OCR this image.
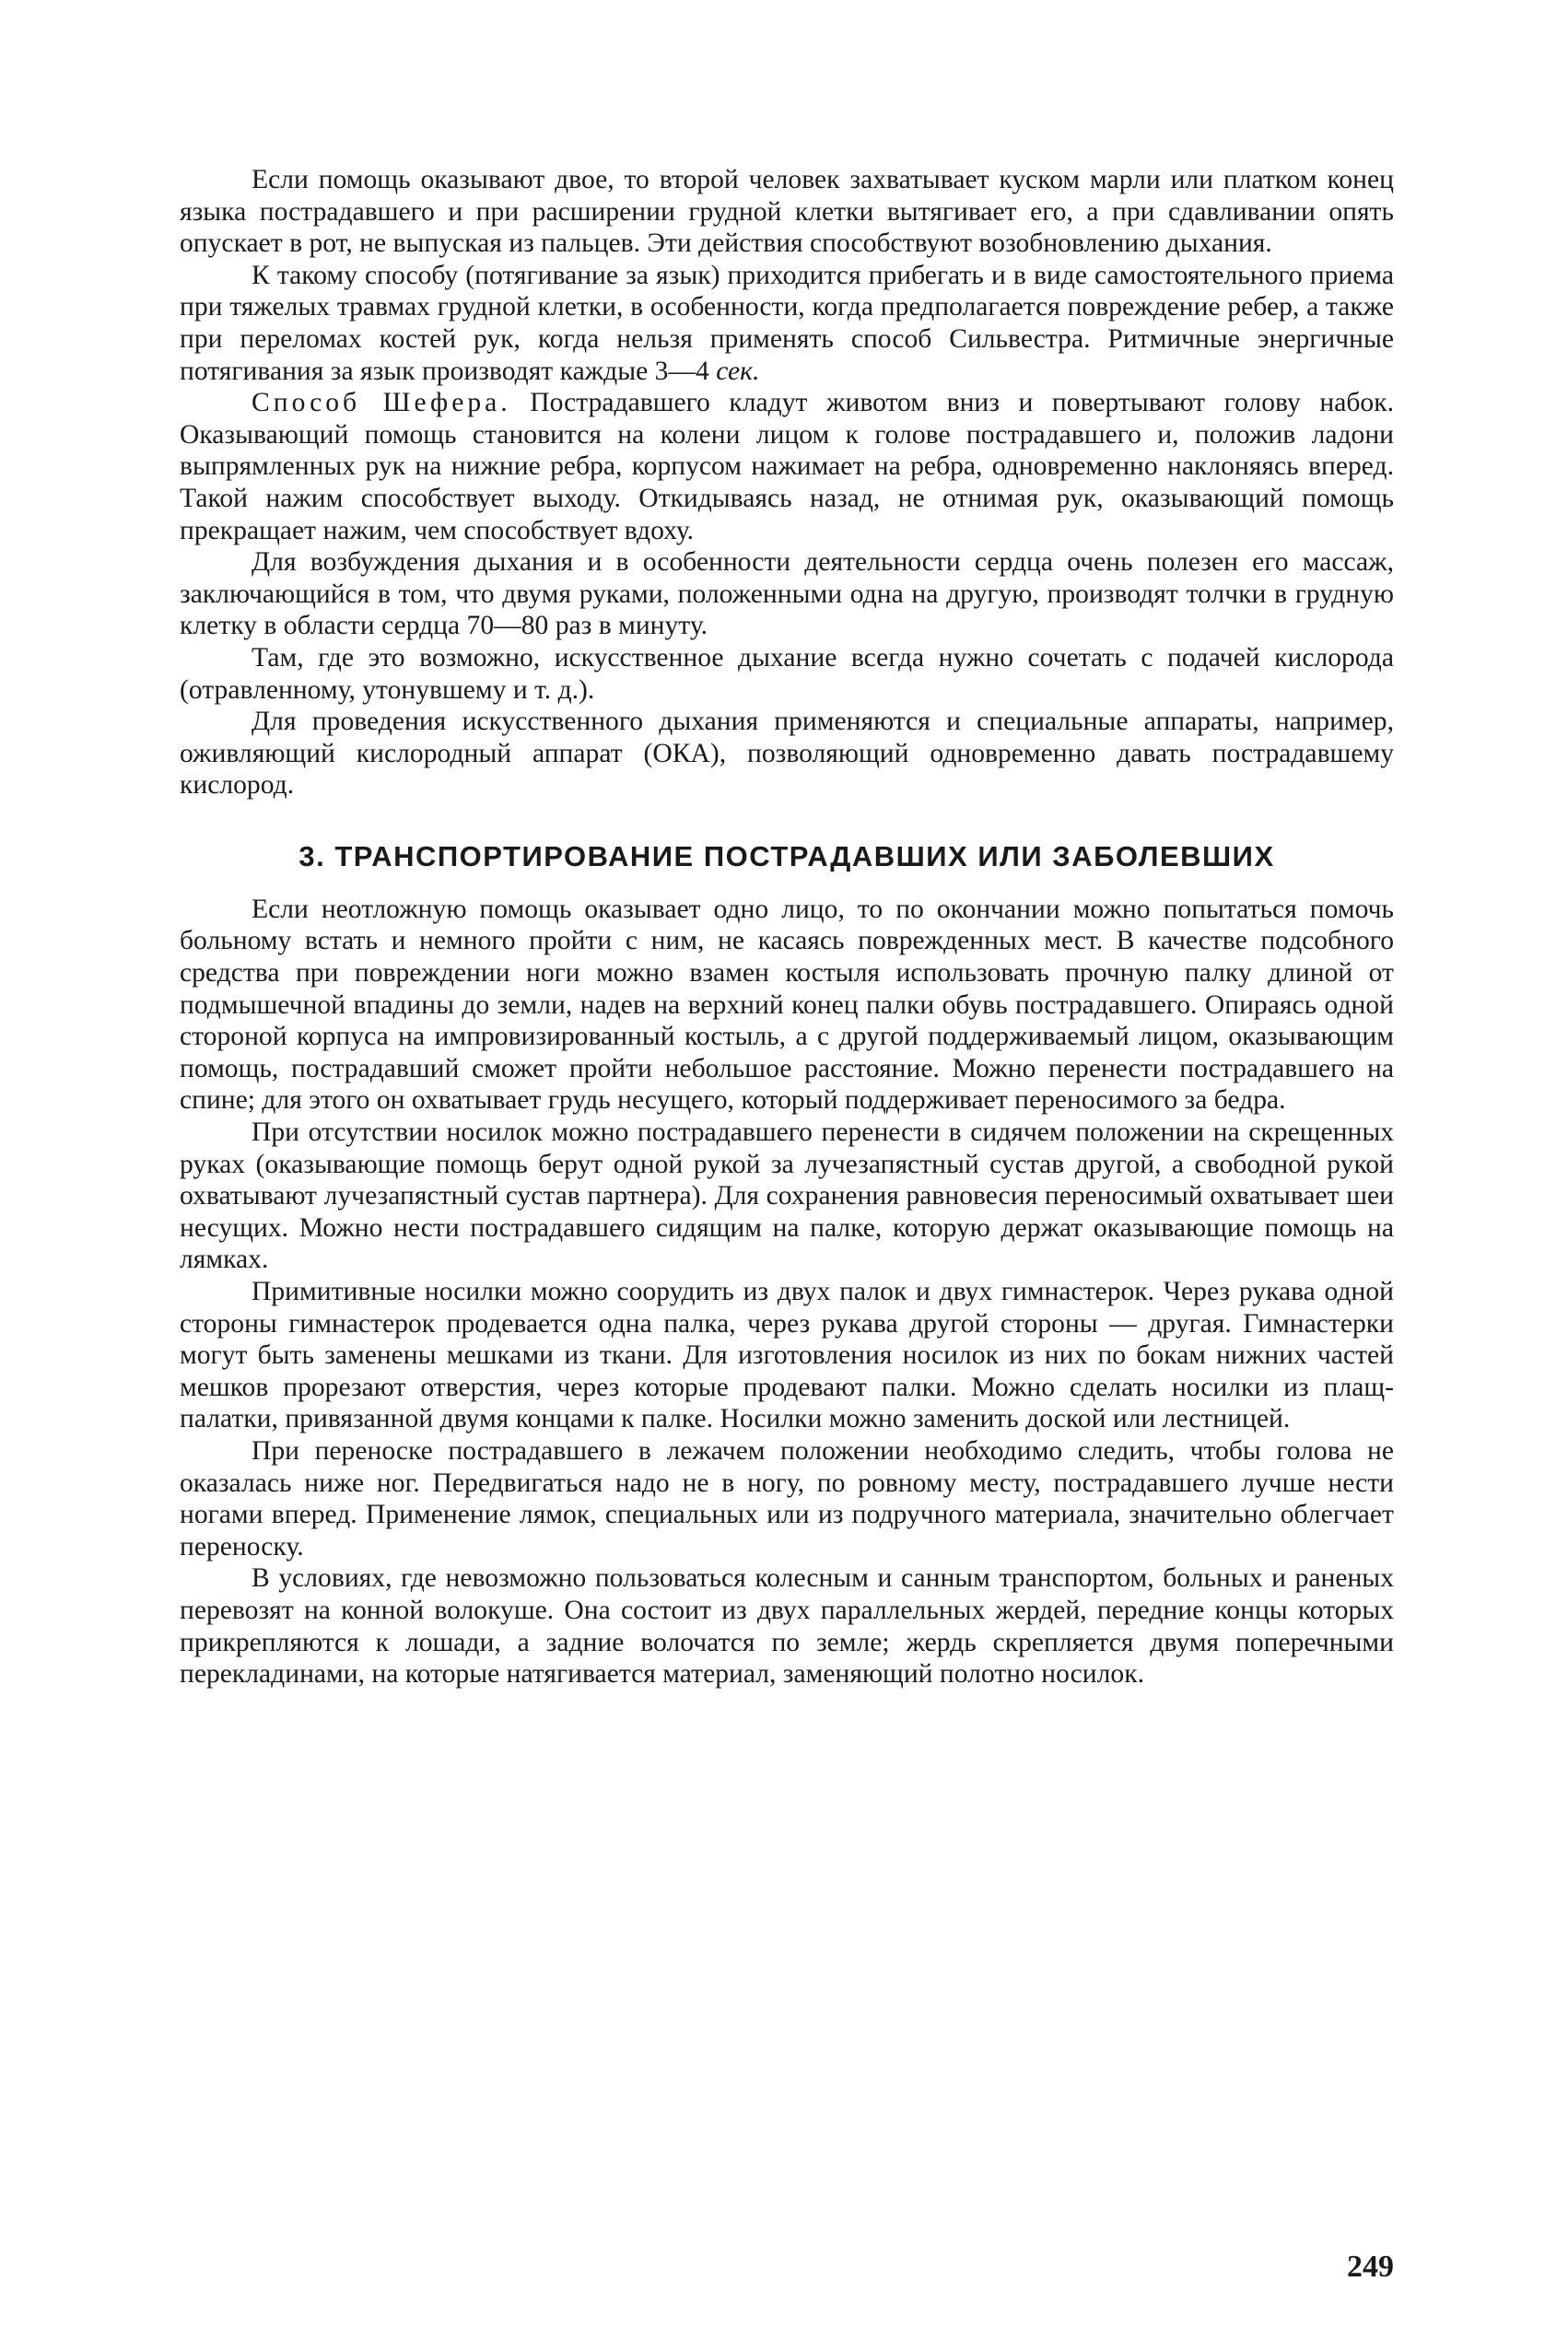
Если помощь оказывают двое, то второй человек захватывает куском марли или платком конец языка пострадавшего и при расширении грудной клетки вытягивает его, а при сдавливании опять опускает в рот, не выпуская из пальцев. Эти действия способствуют возобновлению дыхания.

К такому способу (потягивание за язык) приходится прибегать и в виде самостоятельного приема при тяжелых травмах грудной клетки, в особенности, когда предполагается повреждение ребер, а также при переломах костей рук, когда нельзя применять способ Сильвестра. Ритмичные энергичные потягивания за язык производят каждые 3—4 сек.

Способ Шефера. Пострадавшего кладут животом вниз и повертывают голову набок. Оказывающий помощь становится на колени лицом к голове пострадавшего и, положив ладони выпрямленных рук на нижние ребра, корпусом нажимает на ребра, одновременно наклоняясь вперед. Такой нажим способствует выходу. Откидываясь назад, не отнимая рук, оказывающий помощь прекращает нажим, чем способствует вдоху.

Для возбуждения дыхания и в особенности деятельности сердца очень полезен его массаж, заключающийся в том, что двумя руками, положенными одна на другую, производят толчки в грудную клетку в области сердца 70—80 раз в минуту.

Там, где это возможно, искусственное дыхание всегда нужно сочетать с подачей кислорода (отравленному, утонувшему и т. д.).

Для проведения искусственного дыхания применяются и специальные аппараты, например, оживляющий кислородный аппарат (ОКА), позволяющий одновременно давать пострадавшему кислород.

3. ТРАНСПОРТИРОВАНИЕ ПОСТРАДАВШИХ ИЛИ ЗАБОЛЕВШИХ

Если неотложную помощь оказывает одно лицо, то по окончании можно попытаться помочь больному встать и немного пройти с ним, не касаясь поврежденных мест. В качестве подсобного средства при повреждении ноги можно взамен костыля использовать прочную палку длиной от подмышечной впадины до земли, надев на верхний конец палки обувь пострадавшего. Опираясь одной стороной корпуса на импровизированный костыль, а с другой поддерживаемый лицом, оказывающим помощь, пострадавший сможет пройти небольшое расстояние. Можно перенести пострадавшего на спине; для этого он охватывает грудь несущего, который поддерживает переносимого за бедра.

При отсутствии носилок можно пострадавшего перенести в сидячем положении на скрещенных руках (оказывающие помощь берут одной рукой за лучезапястный сустав другой, а свободной рукой охватывают лучезапястный сустав партнера). Для сохранения равновесия переносимый охватывает шеи несущих. Можно нести пострадавшего сидящим на палке, которую держат оказывающие помощь на лямках.

Примитивные носилки можно соорудить из двух палок и двух гимнастерок. Через рукава одной стороны гимнастерок продевается одна палка, через рукава другой стороны — другая. Гимнастерки могут быть заменены мешками из ткани. Для изготовления носилок из них по бокам нижних частей мешков прорезают отверстия, через которые продевают палки. Можно сделать носилки из плащ-палатки, привязанной двумя концами к палке. Носилки можно заменить доской или лестницей.

При переноске пострадавшего в лежачем положении необходимо следить, чтобы голова не оказалась ниже ног. Передвигаться надо не в ногу, по ровному месту, пострадавшего лучше нести ногами вперед. Применение лямок, специальных или из подручного материала, значительно облегчает переноску.

В условиях, где невозможно пользоваться колесным и санным транспортом, больных и раненых перевозят на конной волокуше. Она состоит из двух параллельных жердей, передние концы которых прикрепляются к лошади, а задние волочатся по земле; жердь скрепляется двумя поперечными перекладинами, на которые натягивается материал, заменяющий полотно носилок.

249
